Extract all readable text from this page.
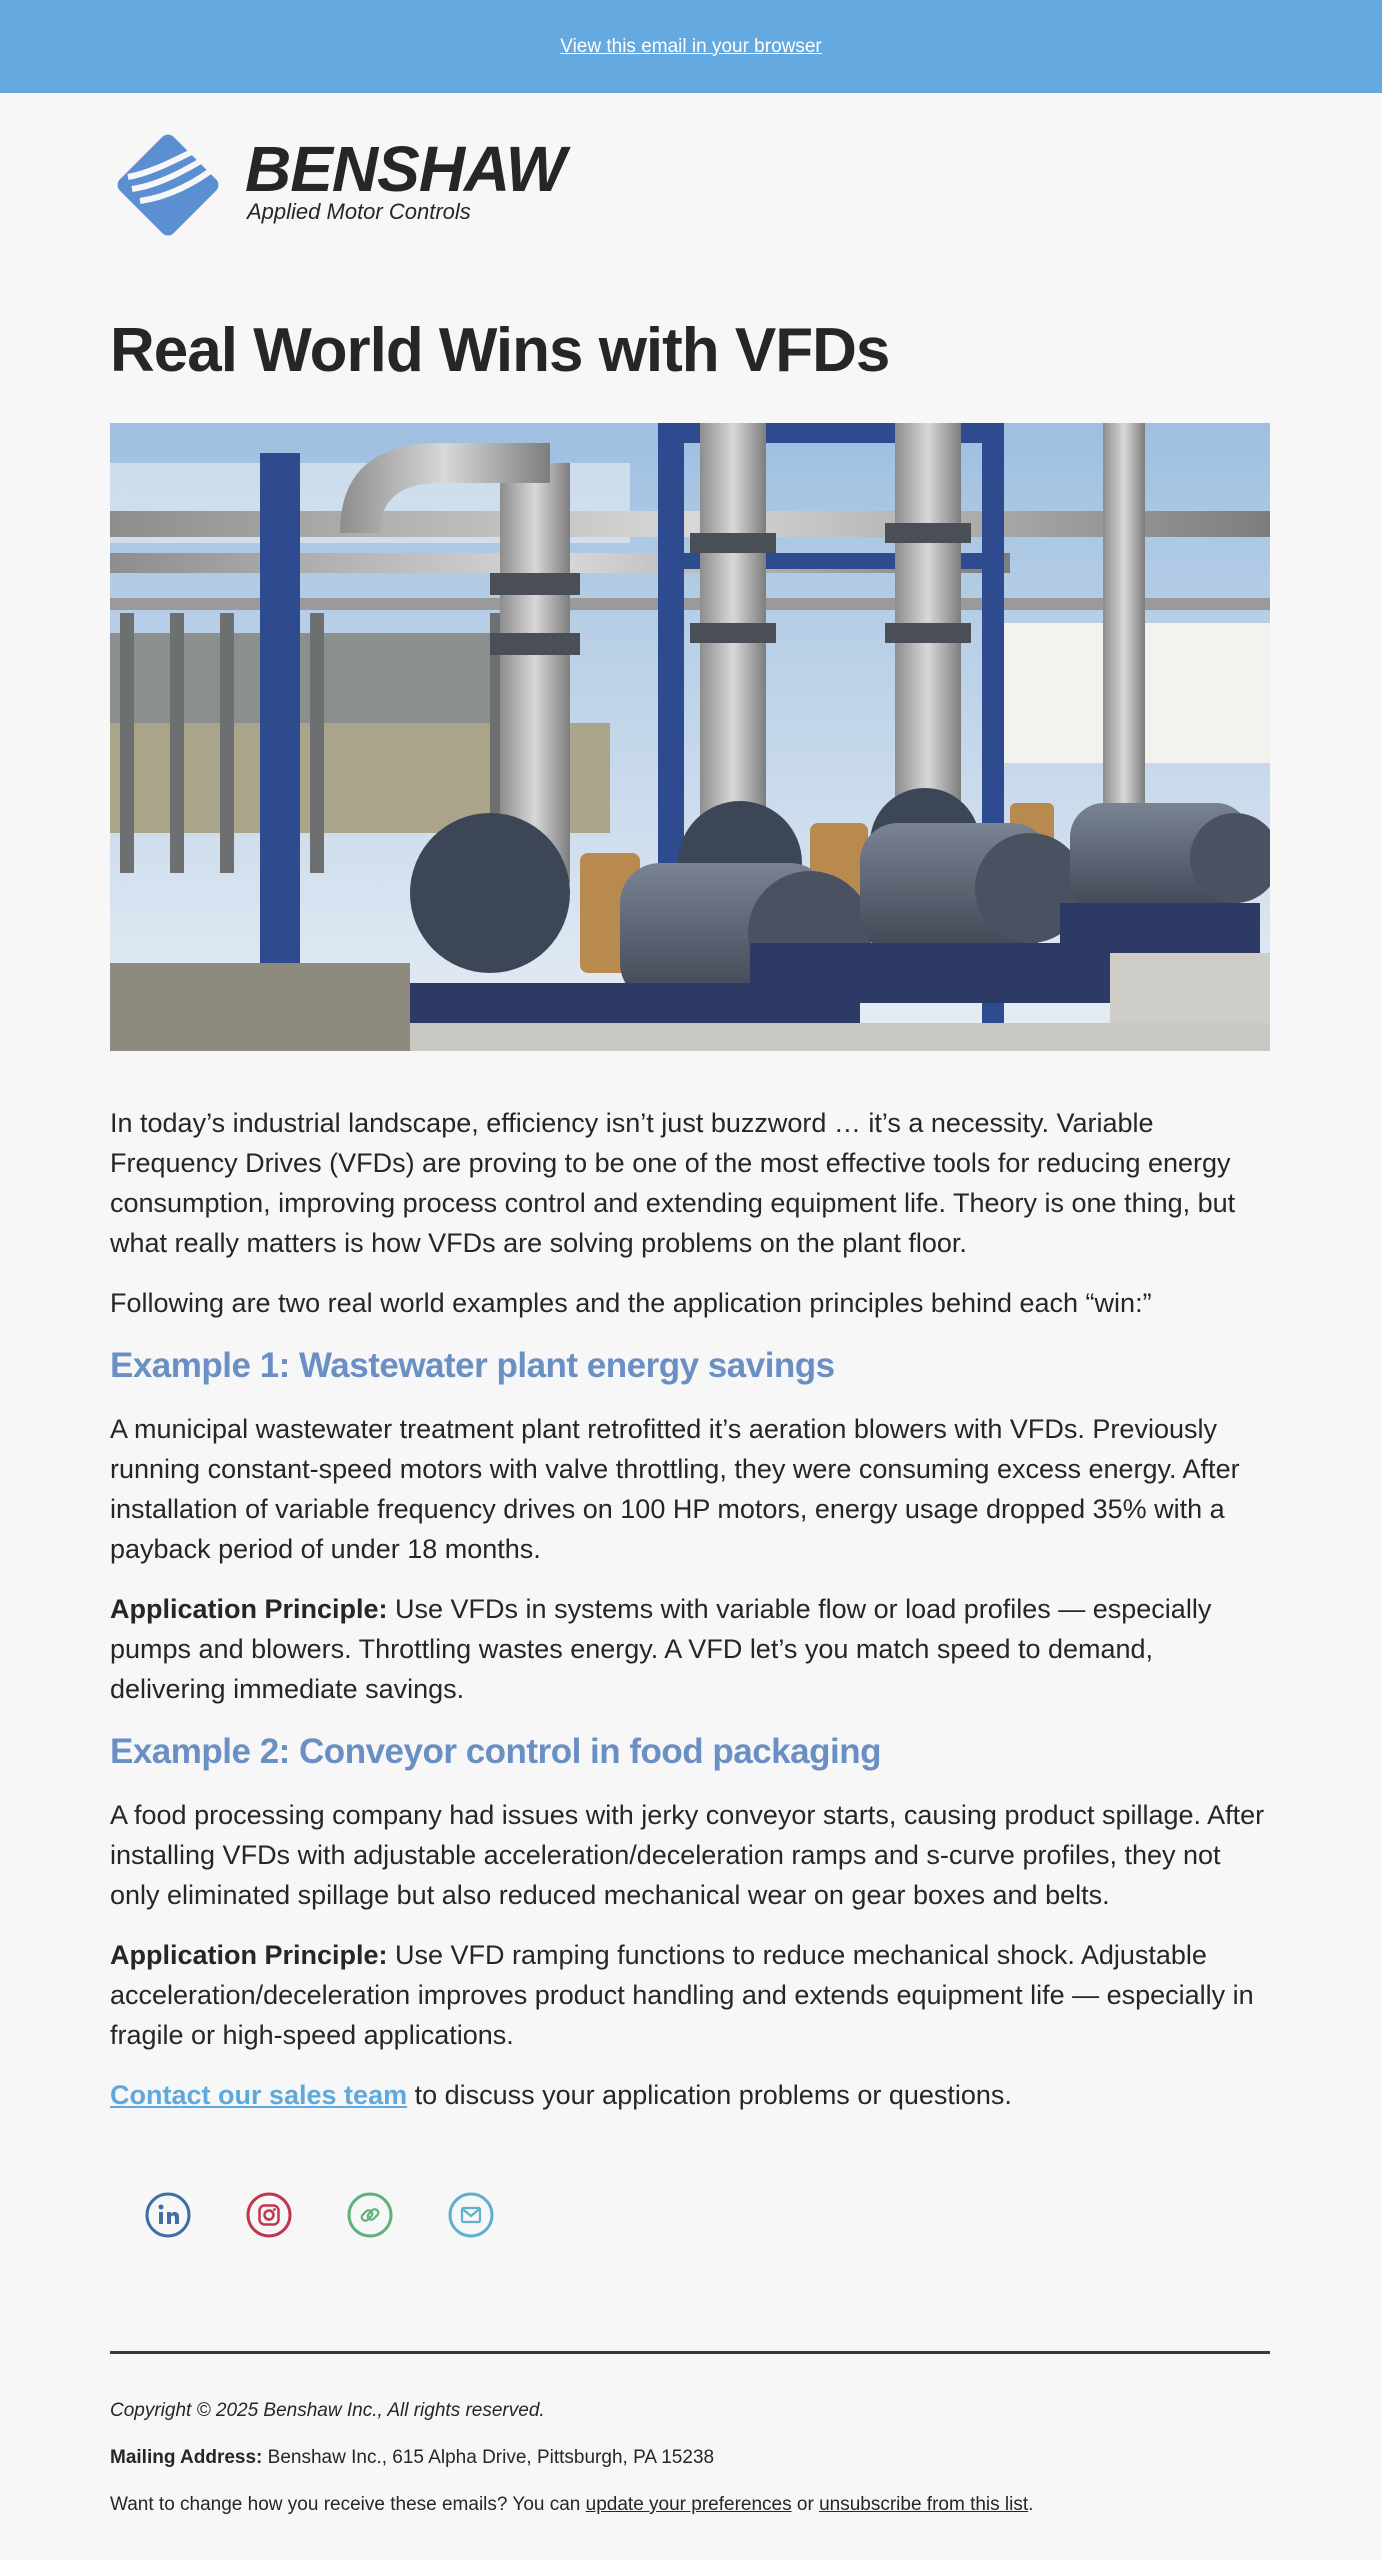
View this email in your browser
BENSHAW
Applied Motor Controls
Real World Wins with VFDs

In today’s industrial landscape, efficiency isn’t just buzzword … it’s a necessity. Variable Frequency Drives (VFDs) are proving to be one of the most effective tools for reducing energy consumption, improving process control and extending equipment life. Theory is one thing, but what really matters is how VFDs are solving problems on the plant floor.

Following are two real world examples and the application principles behind each “win:”

Example 1: Wastewater plant energy savings

A municipal wastewater treatment plant retrofitted it’s aeration blowers with VFDs. Previously running constant-speed motors with valve throttling, they were consuming excess energy. After installation of variable frequency drives on 100 HP motors, energy usage dropped 35% with a payback period of under 18 months.

Application Principle: Use VFDs in systems with variable flow or load profiles — especially pumps and blowers. Throttling wastes energy. A VFD let’s you match speed to demand, delivering immediate savings.

Example 2: Conveyor control in food packaging

A food processing company had issues with jerky conveyor starts, causing product spillage. After installing VFDs with adjustable acceleration/deceleration ramps and s-curve profiles, they not only eliminated spillage but also reduced mechanical wear on gear boxes and belts.

Application Principle: Use VFD ramping functions to reduce mechanical shock. Adjustable acceleration/deceleration improves product handling and extends equipment life — especially in fragile or high-speed applications.

Contact our sales team to discuss your application problems or questions.

Copyright © 2025 Benshaw Inc., All rights reserved.

Mailing Address: Benshaw Inc., 615 Alpha Drive, Pittsburgh, PA 15238

Want to change how you receive these emails? You can update your preferences or unsubscribe from this list.
